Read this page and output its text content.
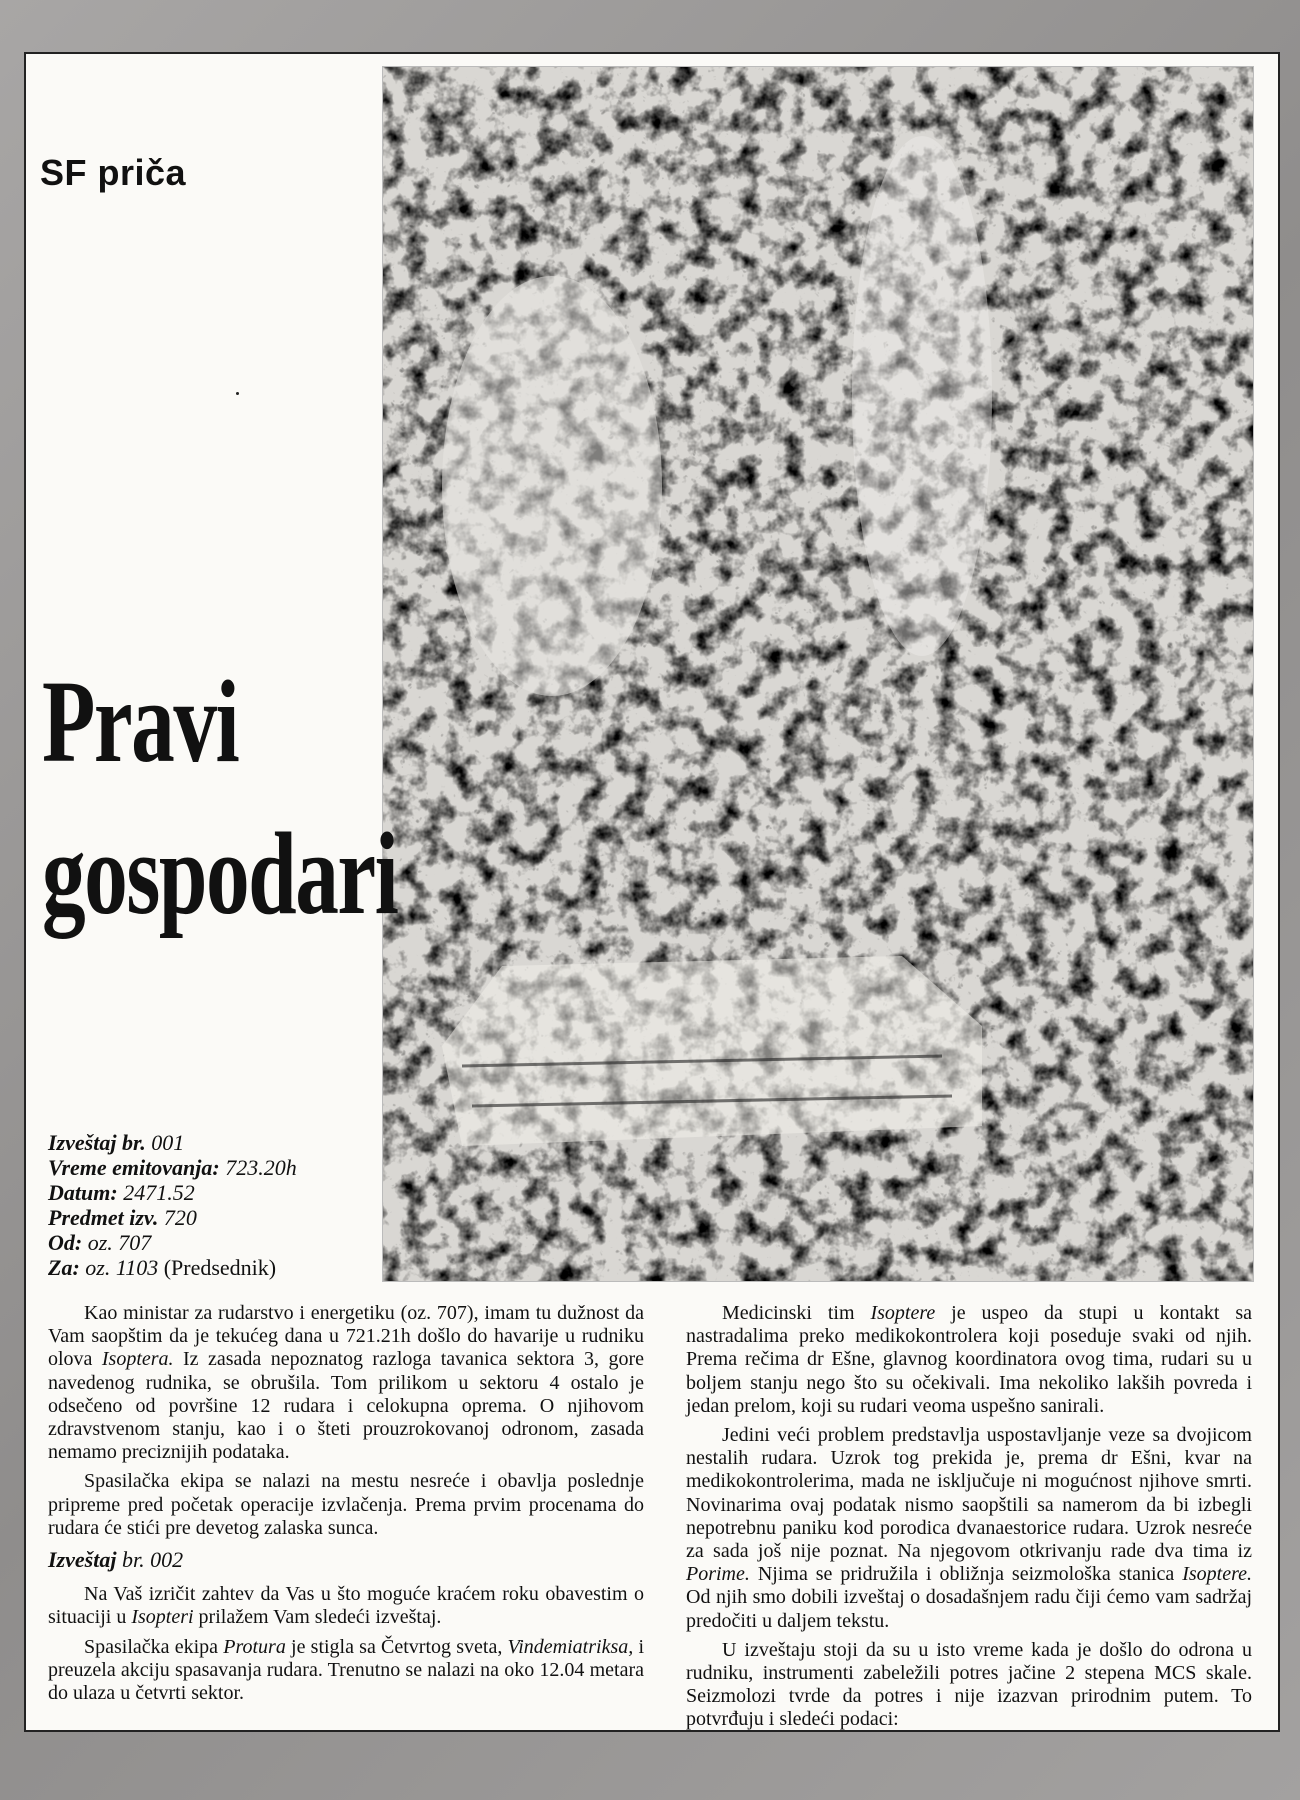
SF priča
Pravi
gospodari
Izveštaj br. 001
Vreme emitovanja: 723.20h
Datum: 2471.52
Predmet izv. 720
Od: oz. 707
Za: oz. 1103 (Predsednik)

Kao ministar za rudarstvo i energetiku (oz. 707), imam tu dužnost da Vam saopštim da je tekućeg dana u 721.21h došlo do havarije u rudniku olova Isoptera. Iz zasada nepoznatog razloga tavanica sektora 3, gore navedenog rudnika, se obrušila. Tom prilikom u sektoru 4 ostalo je odsečeno od površine 12 rudara i celokupna oprema. O njihovom zdravstvenom stanju, kao i o šteti prouzrokovanoj odronom, zasada nemamo preciznijih podataka.

Spasilačka ekipa se nalazi na mestu nesreće i obavlja poslednje pripreme pred početak operacije izvlačenja. Prema prvim procenama do rudara će stići pre devetog zalaska sunca.

Izveštaj br. 002

Na Vaš izričit zahtev da Vas u što moguće kraćem roku obavestim o situaciji u Isopteri prilažem Vam sledeći izveštaj.

Spasilačka ekipa Protura je stigla sa Četvrtog sveta, Vindemiatriksa, i preuzela akciju spasavanja rudara. Trenutno se nalazi na oko 12.04 metara do ulaza u četvrti sektor.

Medicinski tim Isoptere je uspeo da stupi u kontakt sa nastradalima preko medikokontrolera koji poseduje svaki od njih. Prema rečima dr Ešne, glavnog koordinatora ovog tima, rudari su u boljem stanju nego što su očekivali. Ima nekoliko lakših povreda i jedan prelom, koji su rudari veoma uspešno sanirali.

Jedini veći problem predstavlja uspostavljanje veze sa dvojicom nestalih rudara. Uzrok tog prekida je, prema dr Ešni, kvar na medikokontrolerima, mada ne isključuje ni mogućnost njihove smrti. Novinarima ovaj podatak nismo saopštili sa namerom da bi izbegli nepotrebnu paniku kod porodica dvanaestorice rudara. Uzrok nesreće za sada još nije poznat. Na njegovom otkrivanju rade dva tima iz Porime. Njima se pridružila i obližnja seizmološka stanica Isoptere. Od njih smo dobili izveštaj o dosadašnjem radu čiji ćemo vam sadržaj predočiti u daljem tekstu.

U izveštaju stoji da su u isto vreme kada je došlo do odrona u rudniku, instrumenti zabeležili potres jačine 2 stepena MCS skale. Seizmolozi tvrde da potres i nije izazvan prirodnim putem. To potvrđuju i sledeći podaci:
